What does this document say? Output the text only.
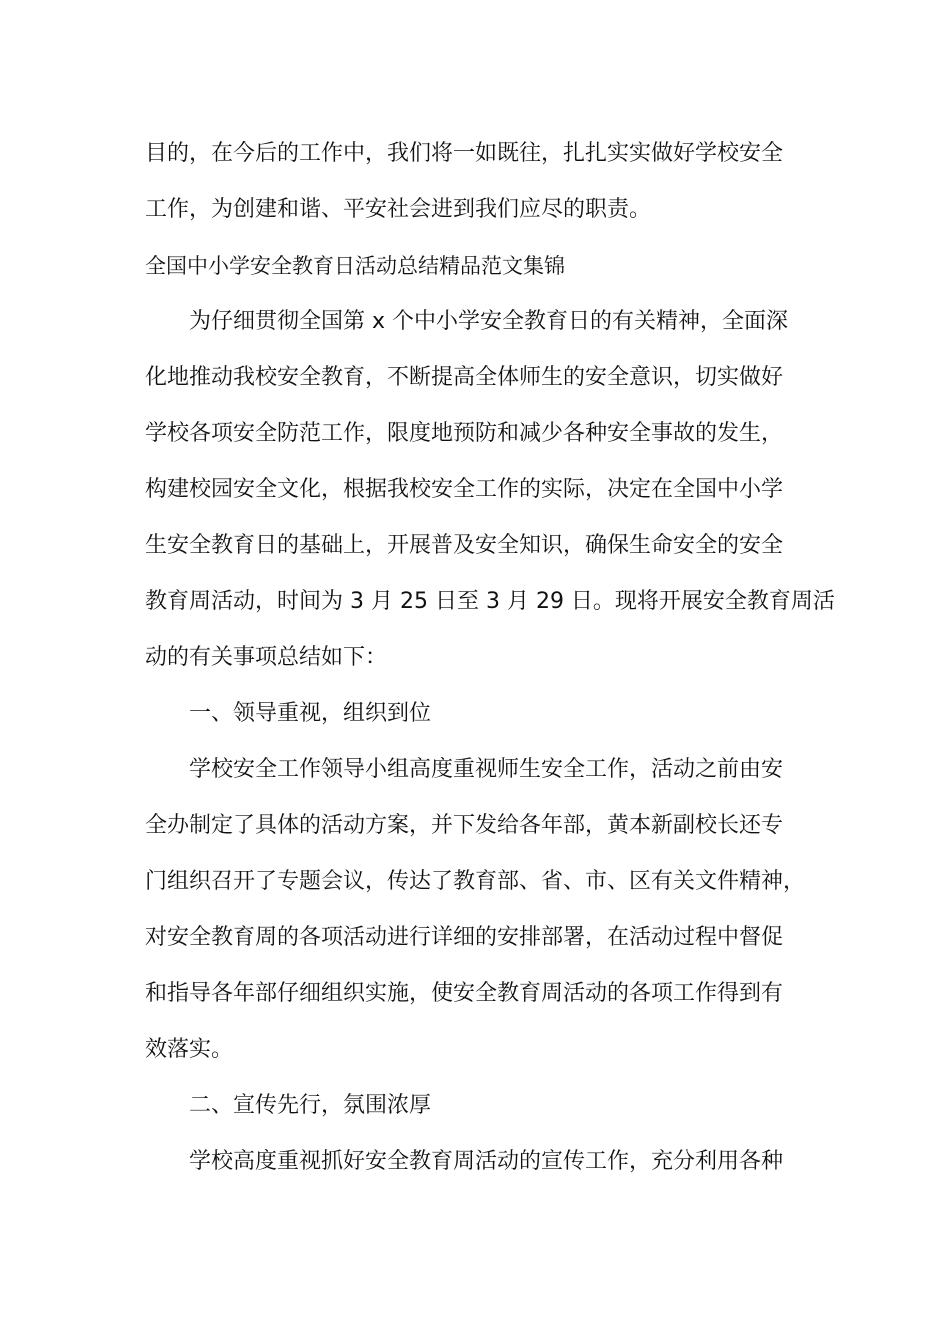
目的，在今后的工作中，我们将一如既往，扎扎实实做好学校安全
工作，为创建和谐、平安社会进到我们应尽的职责。
全国中小学安全教育日活动总结精品范文集锦
为仔细贯彻全国第 x 个中小学安全教育日的有关精神，全面深
化地推动我校安全教育，不断提高全体师生的安全意识，切实做好
学校各项安全防范工作，限度地预防和减少各种安全事故的发生，
构建校园安全文化，根据我校安全工作的实际，决定在全国中小学
生安全教育日的基础上，开展普及安全知识，确保生命安全的安全
教育周活动，时间为 3 月 25 日至 3 月 29 日。现将开展安全教育周活
动的有关事项总结如下：
一、领导重视，组织到位
学校安全工作领导小组高度重视师生安全工作，活动之前由安
全办制定了具体的活动方案，并下发给各年部，黄本新副校长还专
门组织召开了专题会议，传达了教育部、省、市、区有关文件精神，
对安全教育周的各项活动进行详细的安排部署，在活动过程中督促
和指导各年部仔细组织实施，使安全教育周活动的各项工作得到有
效落实。
二、宣传先行，氛围浓厚
学校高度重视抓好安全教育周活动的宣传工作，充分利用各种
